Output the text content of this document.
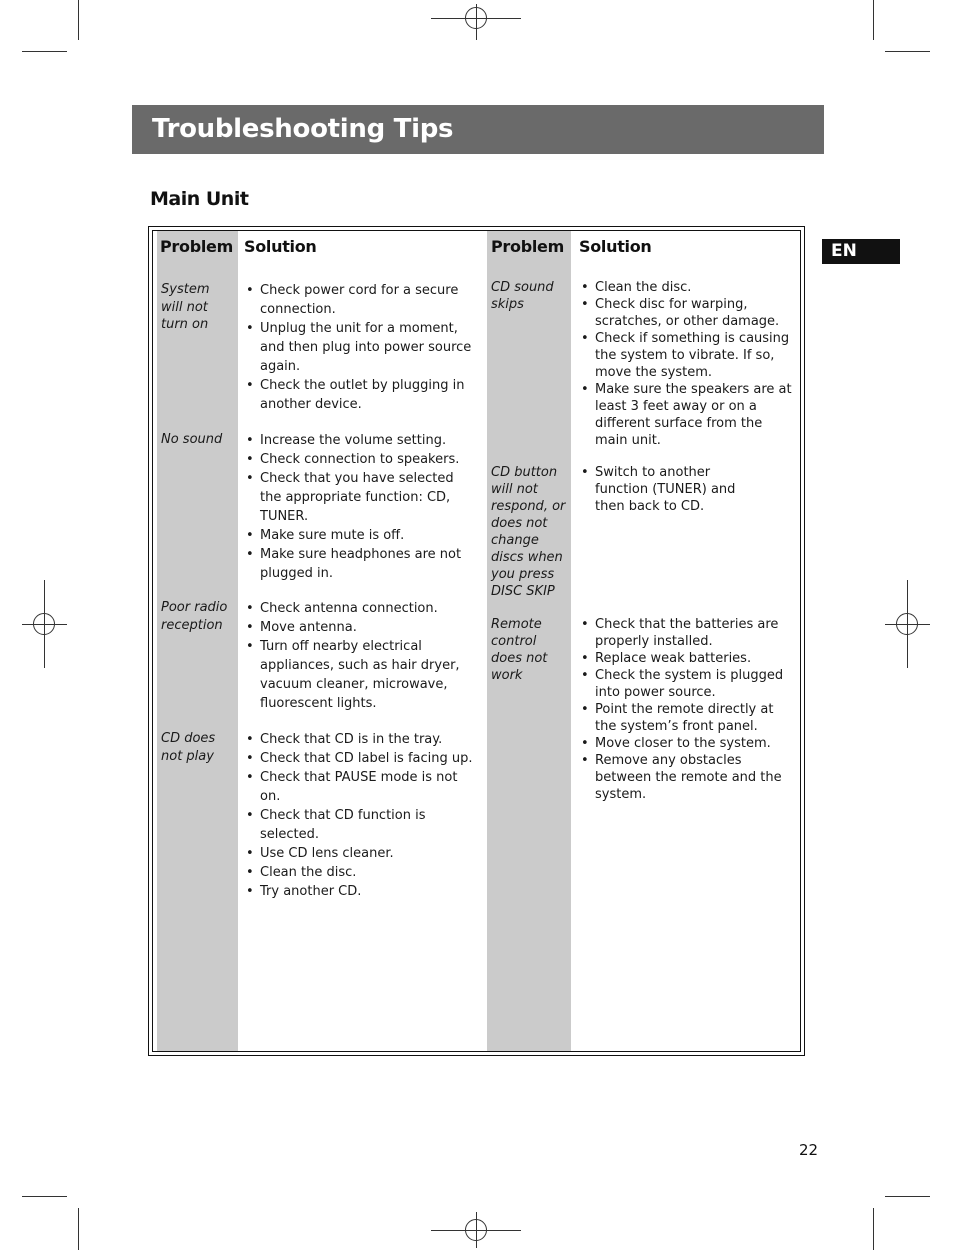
Troubleshooting Tips
Main Unit
EN
Problem Solution	Problem Solution
System will not turn on
• Check power cord for a secure connection.
• Unplug the unit for a moment, and then plug into power source again.
• Check the outlet by plugging in another device.
No sound
•	Increase the volume setting.
• Check connection to speakers.
• Check that you have selected the appropriate function: CD, TUNER.
• Make sure mute is off.
• Make sure headphones are not plugged in.
Poor radio reception
• Check antenna connection.
• Move antenna.
• Turn off nearby electrical appliances, such as hair dryer, vacuum cleaner, microwave, fluorescent lights.
CD does not play
• Check that CD is in the tray.
• Check that CD label is facing up.
• Check that PAUSE mode is not on.
• Check that CD function is selected.
• Use CD lens cleaner.
• Clean the disc.
• Try another CD.
CD sound skips
• Clean the disc.
• Check disc for warping, scratches, or other damage.
• Check if something is causing the system to vibrate. If so, move the system.
• Make sure the speakers are at least 3 feet away or on a different surface from the main unit.
CD button will not respond, or does not change discs when you press DISC SKIP
• Switch to another function (TUNER) and then back to CD.
Remote control does not work
• Check that the batteries are properly installed.
• Replace weak batteries.
• Check the system is plugged into power source.
• Point the remote directly at the system’s front panel.
• Move closer to the system.
• Remove any obstacles between the remote and the system.
22
